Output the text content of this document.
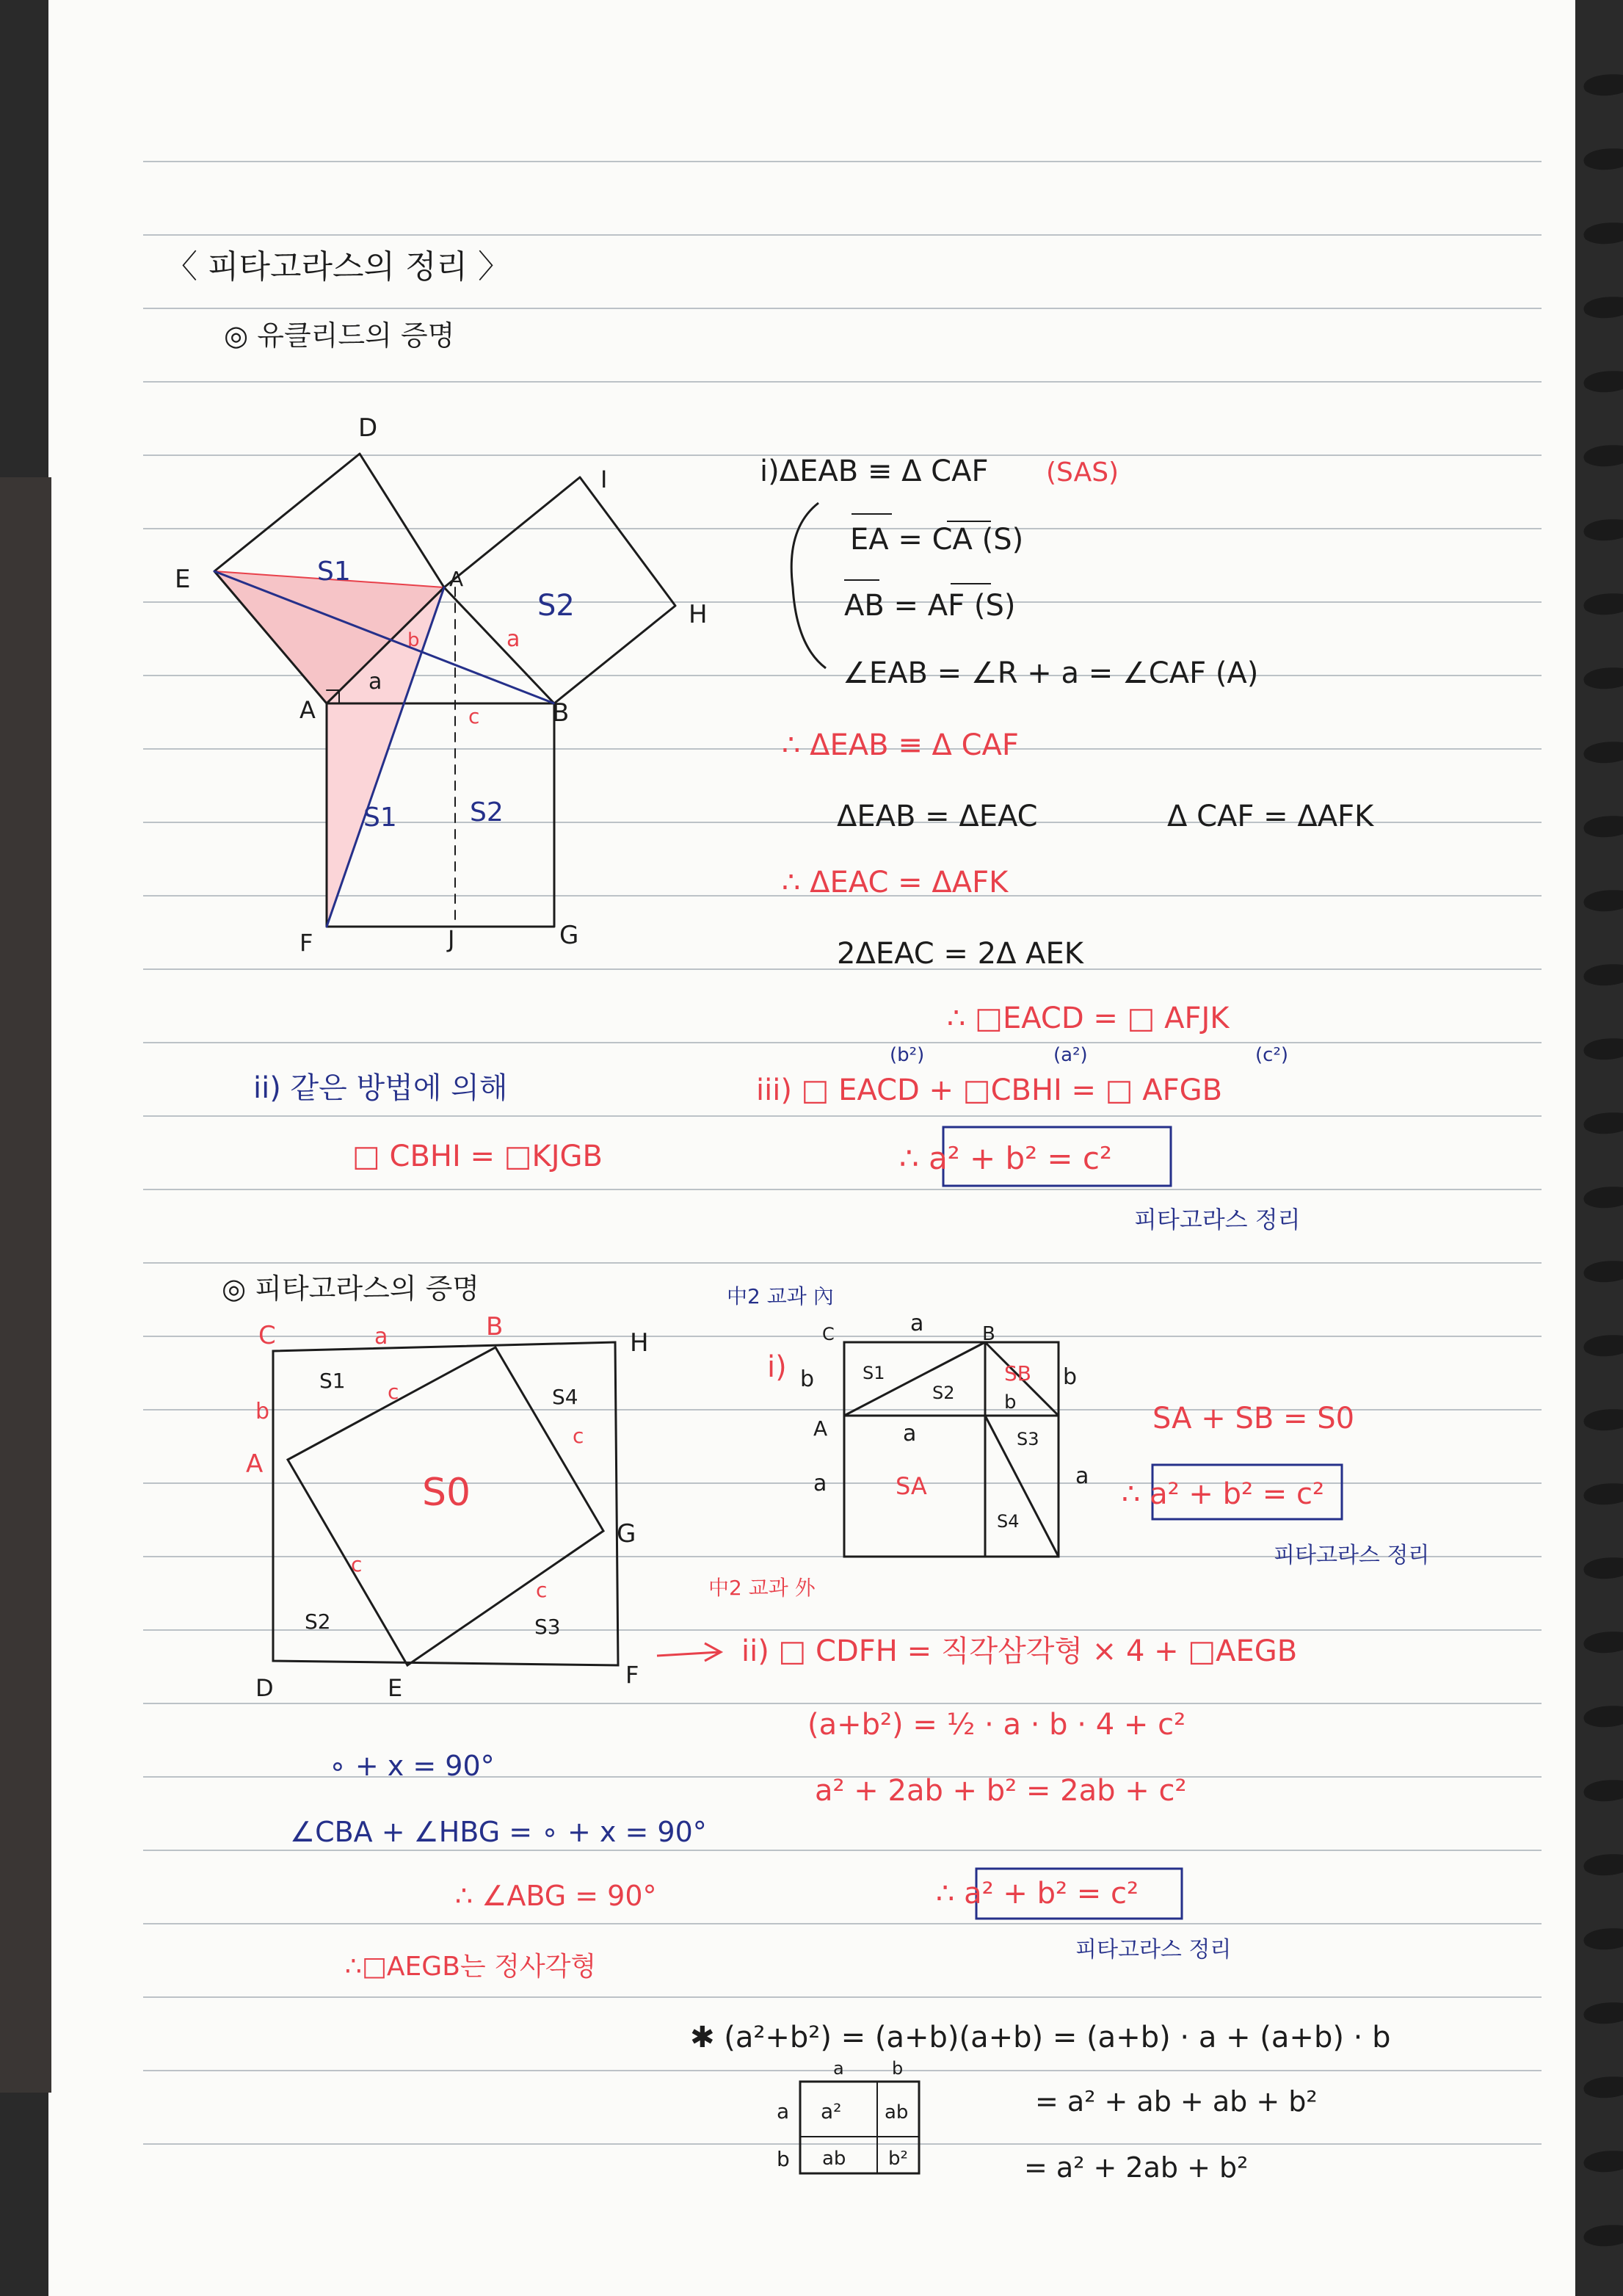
〈 피타고라스의 정리 〉
◎ 유클리드의 증명
D
I
E	A
H
A	B
c
F	J	G
S1
S2
S1	S2
a
b	a
i)ΔEAB ≡ Δ CAF (SAS)
EA = CA (S)
AB = AF (S)
∠EAB = ∠R + a = ∠CAF (A)
∴ ΔEAB ≡ Δ CAF
ΔEAB = ΔEAC	Δ CAF = ΔAFK
∴ ΔEAC = ΔAFK
2ΔEAC = 2Δ AEK
∴ □EACD = □ AFJK
ii) 같은 방법에 의해
□ CBHI = □KJGB
(b²)	(a²)	(c²)
iii) □ EACD + □CBHI = □ AFGB
∴ a² + b² = c²
피타고라스 정리
◎ 피타고라스의 증명
C	a	B
H
b
A
G
D	E	F
S0
S1
S4
S2	S3
c
c
c
c
∘ + x = 90°
∠CBA + ∠HBG = ∘ + x = 90°
∴ ∠ABG = 90°
∴□AEGB는 정사각형
中2 교과 內
i)
C	a	B
b	b
A	a
b
a	a
S1
S2
SB
S3
SA
S4
SA + SB = S0
∴ a² + b² = c²
피타고라스 정리
中2 교과 外
ii) □ CDFH = 직각삼각형 × 4 + □AEGB
(a+b²) = ½ · a · b · 4 + c²
a² + 2ab + b² = 2ab + c²
∴ a² + b² = c²
피타고라스 정리
✱ (a²+b²) = (a+b)(a+b) = (a+b) · a + (a+b) · b
= a² + ab + ab + b²
= a² + 2ab + b²
a	b
a
b
a² ab
ab b²
